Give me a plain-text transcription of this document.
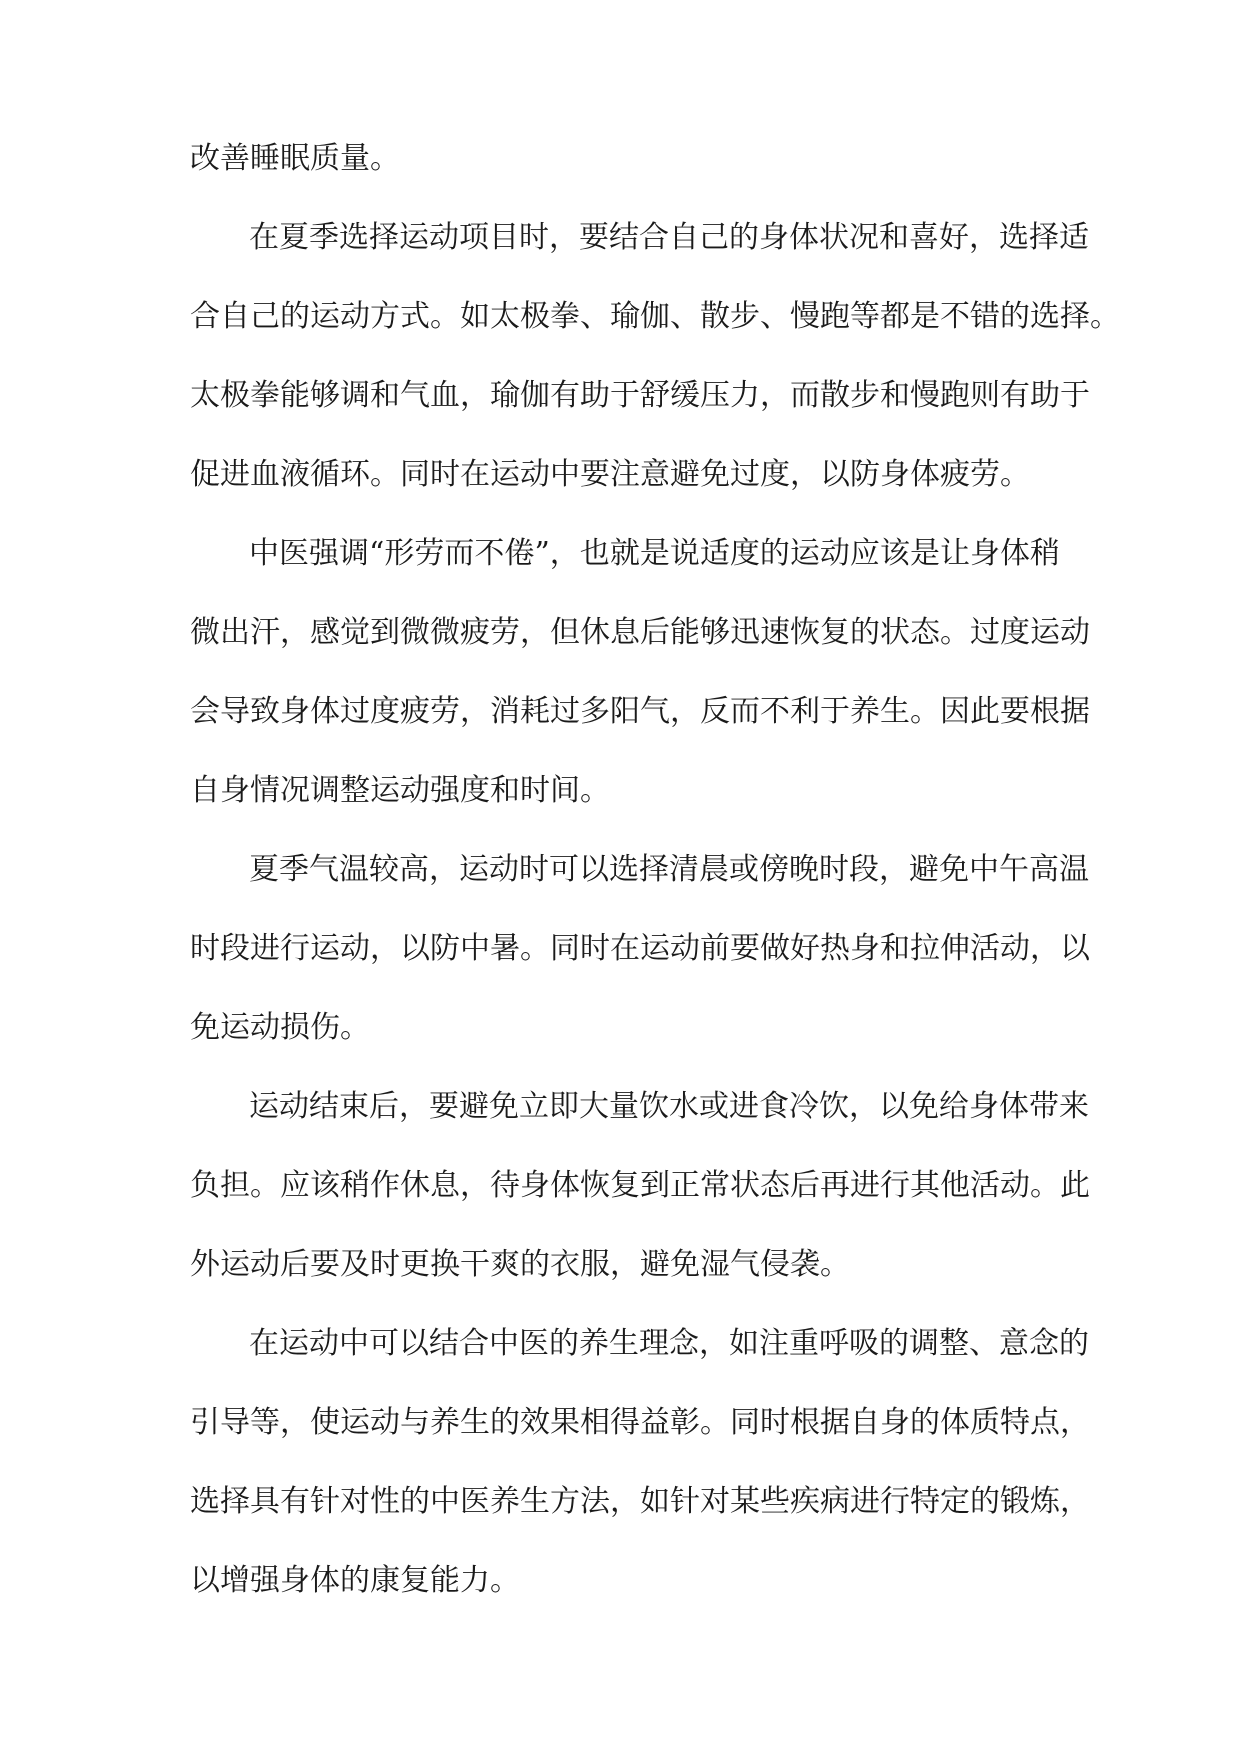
改善睡眠质量。
在夏季选择运动项目时，要结合自己的身体状况和喜好，选择适
合自己的运动方式。如太极拳、瑜伽、散步、慢跑等都是不错的选择。
太极拳能够调和气血，瑜伽有助于舒缓压力，而散步和慢跑则有助于
促进血液循环。同时在运动中要注意避免过度，以防身体疲劳。
中医强调“形劳而不倦”，也就是说适度的运动应该是让身体稍
微出汗，感觉到微微疲劳，但休息后能够迅速恢复的状态。过度运动
会导致身体过度疲劳，消耗过多阳气，反而不利于养生。因此要根据
自身情况调整运动强度和时间。
夏季气温较高，运动时可以选择清晨或傍晚时段，避免中午高温
时段进行运动，以防中暑。同时在运动前要做好热身和拉伸活动，以
免运动损伤。
运动结束后，要避免立即大量饮水或进食冷饮，以免给身体带来
负担。应该稍作休息，待身体恢复到正常状态后再进行其他活动。此
外运动后要及时更换干爽的衣服，避免湿气侵袭。
在运动中可以结合中医的养生理念，如注重呼吸的调整、意念的
引导等，使运动与养生的效果相得益彰。同时根据自身的体质特点，
选择具有针对性的中医养生方法，如针对某些疾病进行特定的锻炼，
以增强身体的康复能力。
